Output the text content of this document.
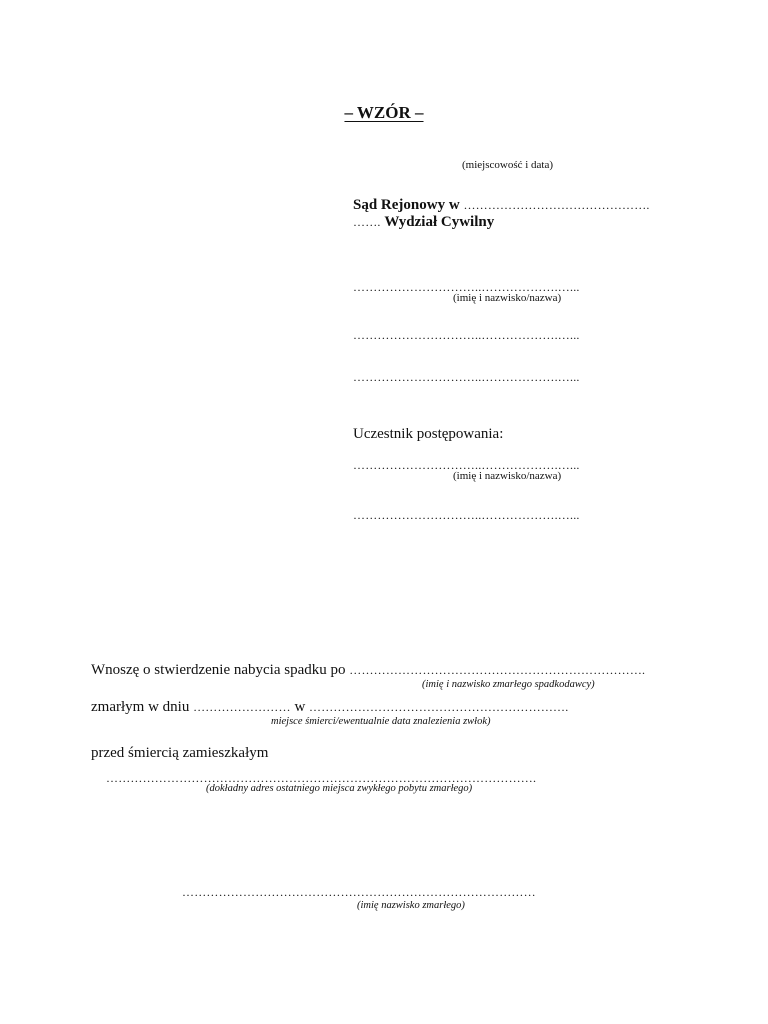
– WZÓR –
(miejscowość i data)
Sąd Rejonowy w ……………………………………….
……. Wydział Cywilny
…………………………..……………….…...
(imię i nazwisko/nazwa)
…………………………..……………….…...
…………………………..……………….…...
Uczestnik postępowania:
…………………………..……………….…...
(imię i nazwisko/nazwa)
…………………………..……………….…...
Wnoszę o stwierdzenie nabycia spadku po ……………………………………………………………….
(imię i nazwisko zmarłego spadkodawcy)
zmarłym w dniu …………………… w ……………………………………………………….
miejsce śmierci/ewentualnie data znalezienia zwłok)
przed śmiercią zamieszkałym
…………………………………………………………………………………………….
(dokładny adres ostatniego miejsca zwykłego pobytu zmarłego)
……………………………………………………………………………
(imię nazwisko zmarłego)
